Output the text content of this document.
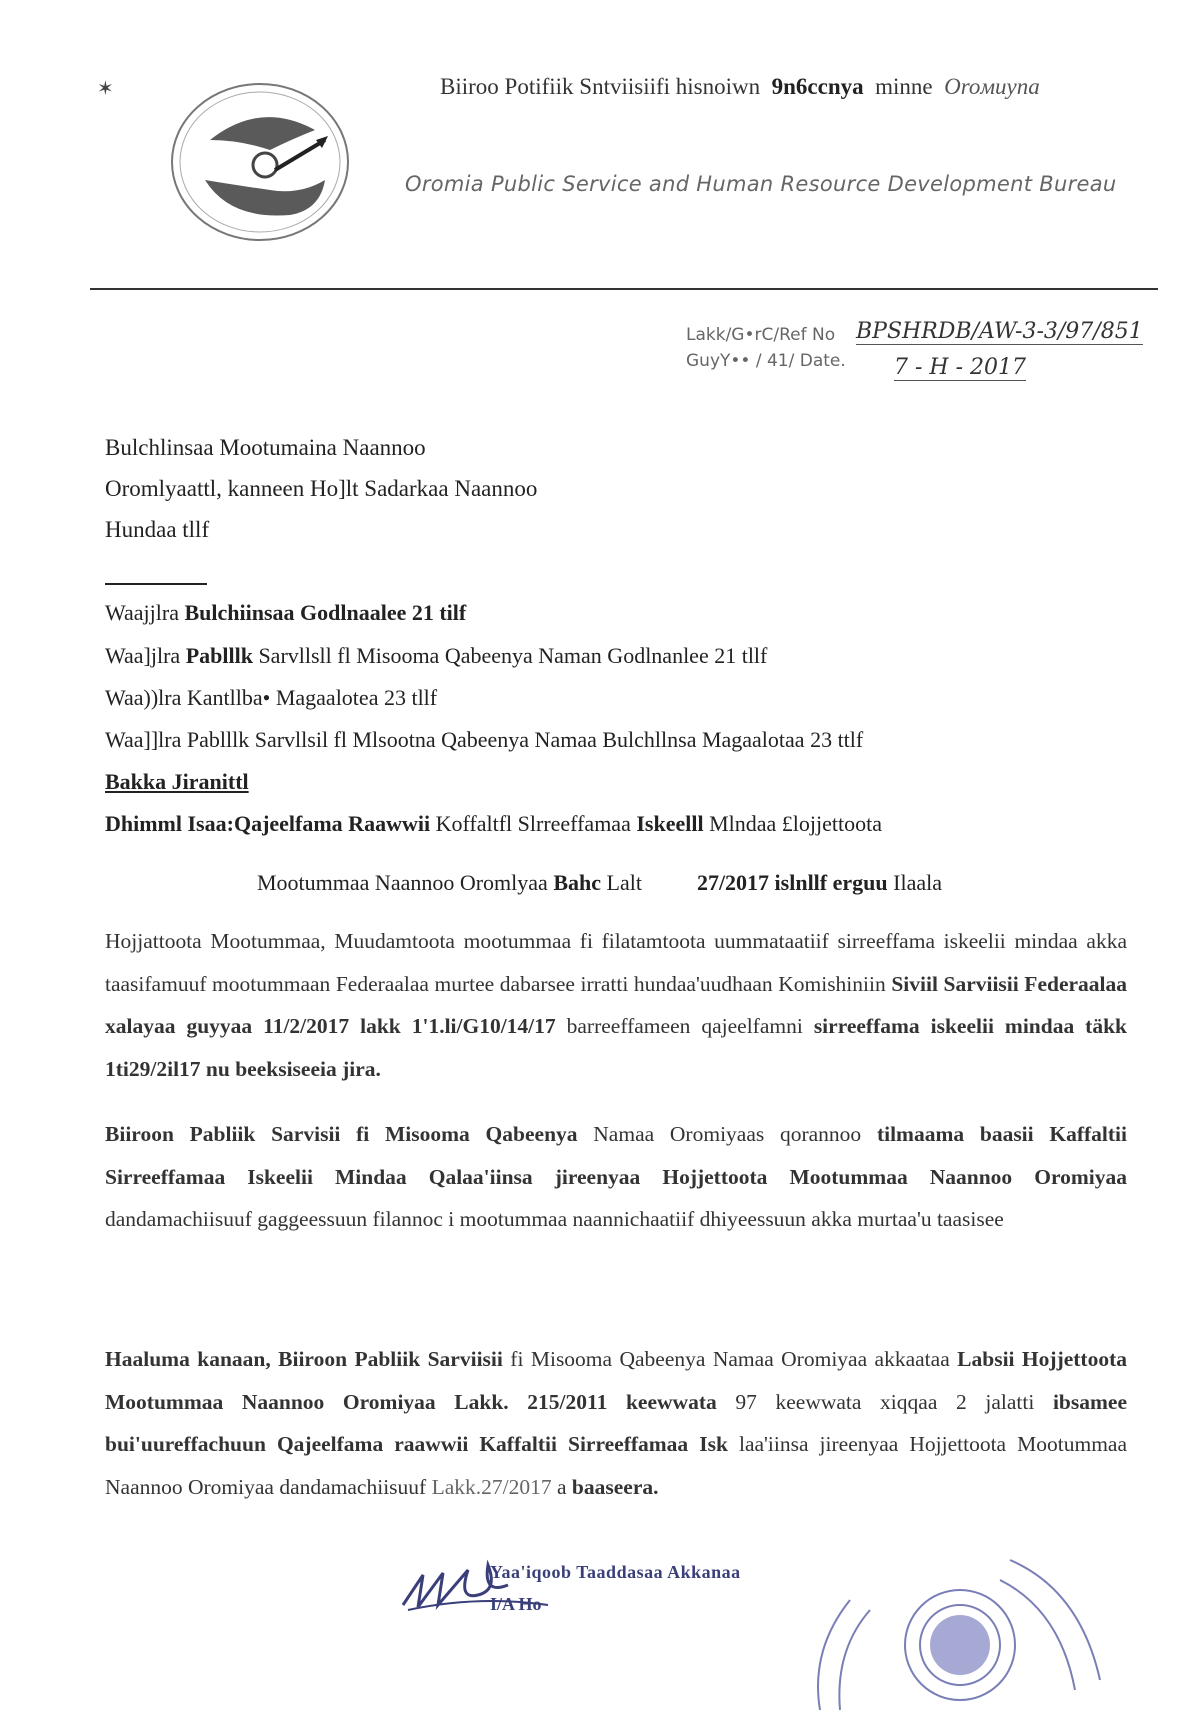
✶	Biiroo Potifiik Sntviisiifi hisnoiwn 9n6ccnya minne Oroмuyna
Oromia Public Service and Human Resource Development Bureau
Lakk/G•rC/Ref No
GuyY•• / 41/ Date.
BPSHRDB/AW-3-3/97/851
7 - H - 2017
Bulchlinsaa Mootumaina Naannoo
Oromlyaattl, kanneen Ho]lt Sadarkaa Naannoo
Hundaa tllf
Waajjlra Bulchiinsaa Godlnaalee 21 tilf
Waa]jlra Pablllk Sarvllsll fl Misooma Qabeenya Naman Godlnanlee 21 tllf
Waa))lra Kantllba• Magaalotea 23 tllf
Waa]]lra Pablllk Sarvllsil fl Mlsootna Qabeenya Namaa Bulchllnsa Magaalotaa 23 ttlf
Bakka Jiranittl
Dhimml Isaa:Qajeelfama Raawwii Koffaltfl Slrreeffamaa Iskeelll Mlndaa £lojjettoota
Mootummaa Naannoo Oromlyaa Bahc Lalt	27/2017 islnllf erguu Ilaala
Hojjattoota Mootummaa, Muudamtoota mootummaa fi filatamtoota uummataatiif sirreeffama iskeelii mindaa akka taasifamuuf mootummaan Federaalaa murtee dabarsee irratti hundaa'uudhaan Komishiniin Siviil Sarviisii Federaalaa xalayaa guyyaa 11/2/2017 lakk 1'1.li/G10/14/17 barreeffameen qajeelfamni sirreeffama iskeelii mindaa täkk 1ti29/2il17 nu beeksiseeia jira.
Biiroon Pabliik Sarvisii fi Misooma Qabeenya Namaa Oromiyaas qorannoo tilmaama baasii Kaffaltii Sirreeffamaa Iskeelii Mindaa Qalaa'iinsa jireenyaa Hojjettoota Mootummaa Naannoo Oromiyaa dandamachiisuuf gaggeessuun filannoc i mootummaa naannichaatiif dhiyeessuun akka murtaa'u taasisee
Haaluma kanaan, Biiroon Pabliik Sarviisii fi Misooma Qabeenya Namaa Oromiyaa akkaataa Labsii Hojjettoota Mootummaa Naannoo Oromiyaa Lakk. 215/2011 keewwata 97 keewwata xiqqaa 2 jalatti ibsamee bui'uureffachuun Qajeelfama raawwii Kaffaltii Sirreeffamaa Isk laa'iinsa jireenyaa Hojjettoota Mootummaa Naannoo Oromiyaa dandamachiisuuf Lakk.27/2017 a baaseera.
Yaa'iqoob Taaddasaa Akkanaa
I/A Ho
